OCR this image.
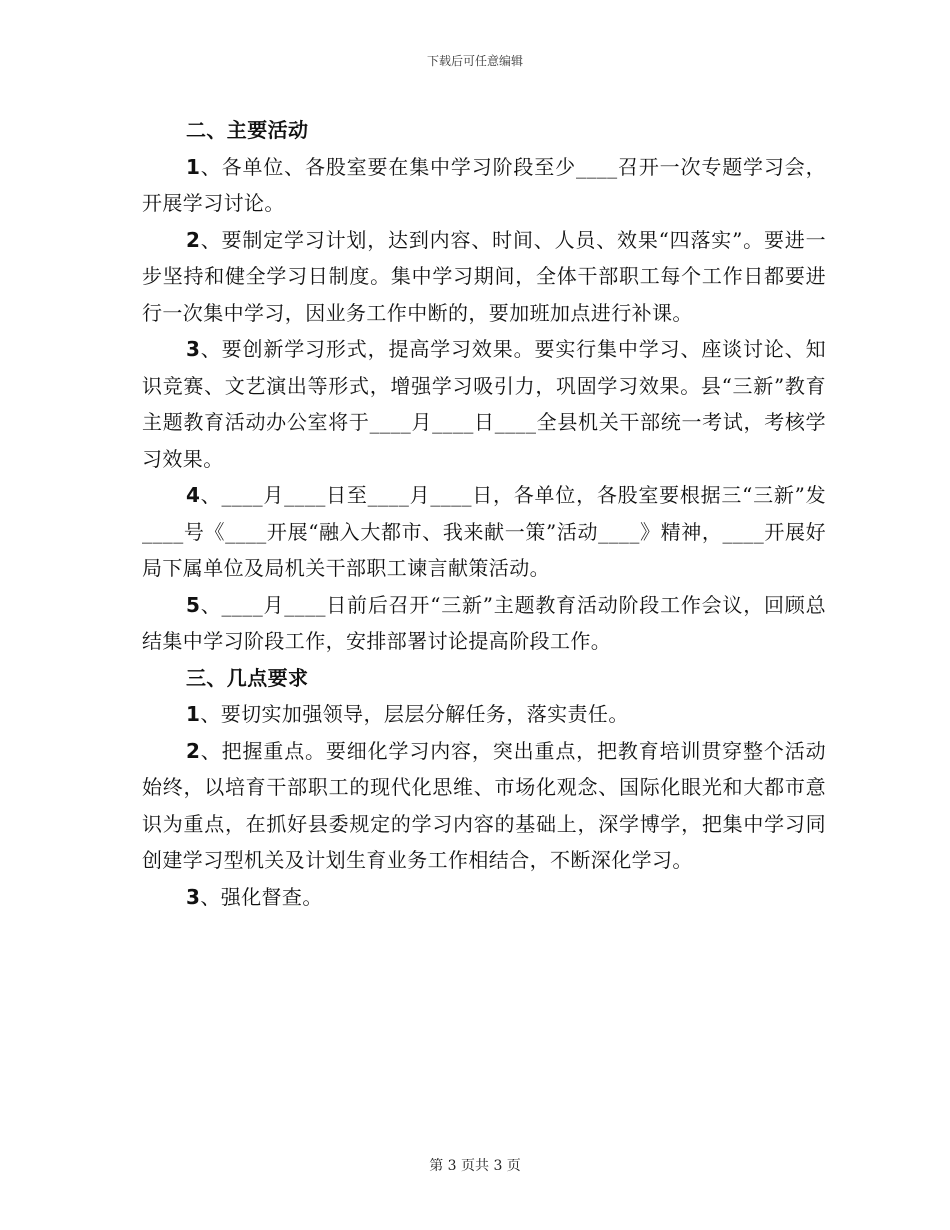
下载后可任意编辑

二、主要活动

1、各单位、各股室要在集中学习阶段至少____召开一次专题学习会，开展学习讨论。

2、要制定学习计划，达到内容、时间、人员、效果“四落实”。要进一步坚持和健全学习日制度。集中学习期间，全体干部职工每个工作日都要进行一次集中学习，因业务工作中断的，要加班加点进行补课。

3、要创新学习形式，提高学习效果。要实行集中学习、座谈讨论、知识竞赛、文艺演出等形式，增强学习吸引力，巩固学习效果。县“三新”教育主题教育活动办公室将于____月____日____全县机关干部统一考试，考核学习效果。

4、____月____日至____月____日，各单位，各股室要根据三“三新”发____号《____开展“融入大都市、我来献一策”活动____》精神，____开展好局下属单位及局机关干部职工谏言献策活动。

5、____月____日前后召开“三新”主题教育活动阶段工作会议，回顾总结集中学习阶段工作，安排部署讨论提高阶段工作。

三、几点要求

1、要切实加强领导，层层分解任务，落实责任。

2、把握重点。要细化学习内容，突出重点，把教育培训贯穿整个活动始终，以培育干部职工的现代化思维、市场化观念、国际化眼光和大都市意识为重点，在抓好县委规定的学习内容的基础上，深学博学，把集中学习同创建学习型机关及计划生育业务工作相结合，不断深化学习。

3、强化督查。

第 3 页共 3 页
